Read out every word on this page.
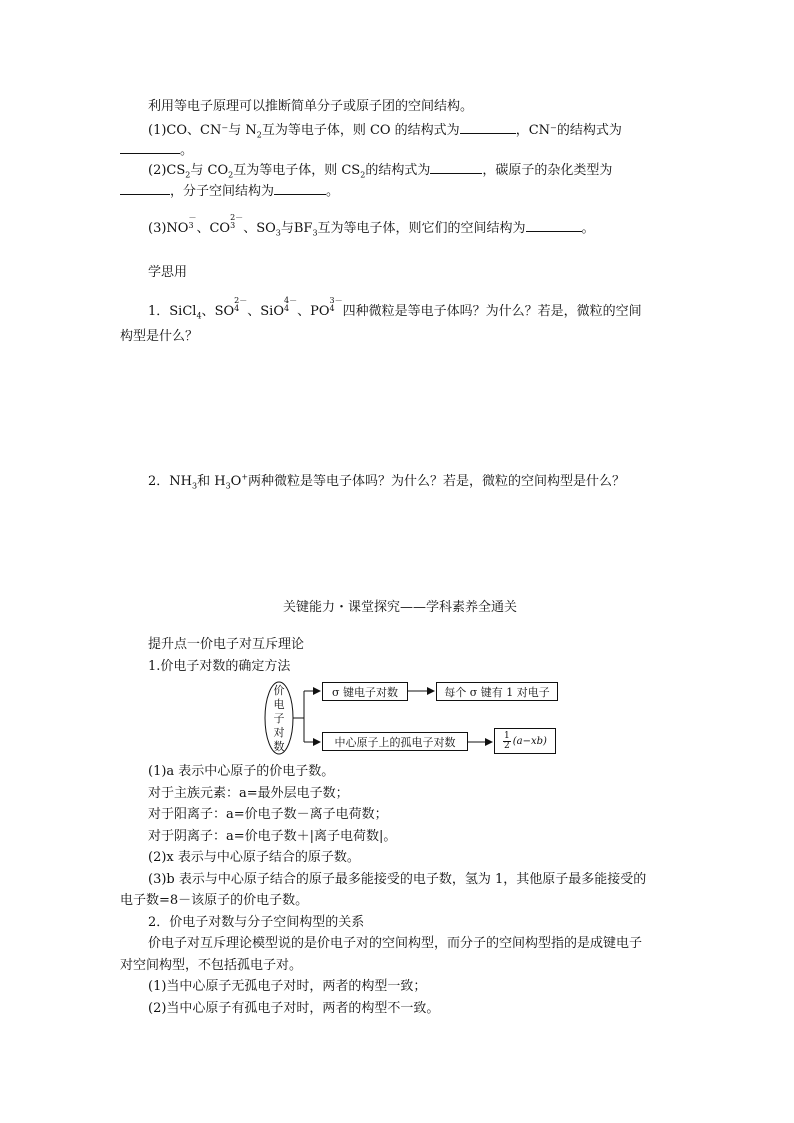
利用等电子原理可以推断简单分子或原子团的空间结构。
(1)CO、CN⁻与 $N_2$互为等电子体，则 CO 的结构式为	，CN⁻的结构式为
。
$(2)CS_2$与 $CO_2$互为等电子体，则 $CS_2$的结构式为	，碳原子的杂化类型为
，分子空间结构为	。
(3)NO
－
3 、CO
2－
3 、$SO_3$与$BF_3$互为等电子体，则它们的空间结构为	。
学思用
1．SiCl$_4$、SO
2－
4 、SiO
4－
4 、PO
3－
4 四种微粒是等电子体吗？为什么？若是，微粒的空间
构型是什么？
2．$NH_3$和 $H_3O^+$两种微粒是等电子体吗？为什么？若是，微粒的空间构型是什么？
关键能力・课堂探究——学科素养全通关
提升点一价电子对互斥理论
1.价电子对数的确定方法
价
电
子
对
数
σ 键电子对数	每个 σ 键有 1 对电子
中心原子上的孤电子对数	$\frac{1}{2} (a-xb)$
(1)a 表示中心原子的价电子数。
对于主族元素：a=最外层电子数；
对于阳离子：a=价电子数－离子电荷数；
对于阴离子：a=价电子数＋|离子电荷数|。
(2)x 表示与中心原子结合的原子数。
(3)b 表示与中心原子结合的原子最多能接受的电子数，氢为 1，其他原子最多能接受的
电子数=8－该原子的价电子数。
2．价电子对数与分子空间构型的关系
价电子对互斥理论模型说的是价电子对的空间构型，而分子的空间构型指的是成键电子
对空间构型，不包括孤电子对。
(1)当中心原子无孤电子对时，两者的构型一致；
(2)当中心原子有孤电子对时，两者的构型不一致。
